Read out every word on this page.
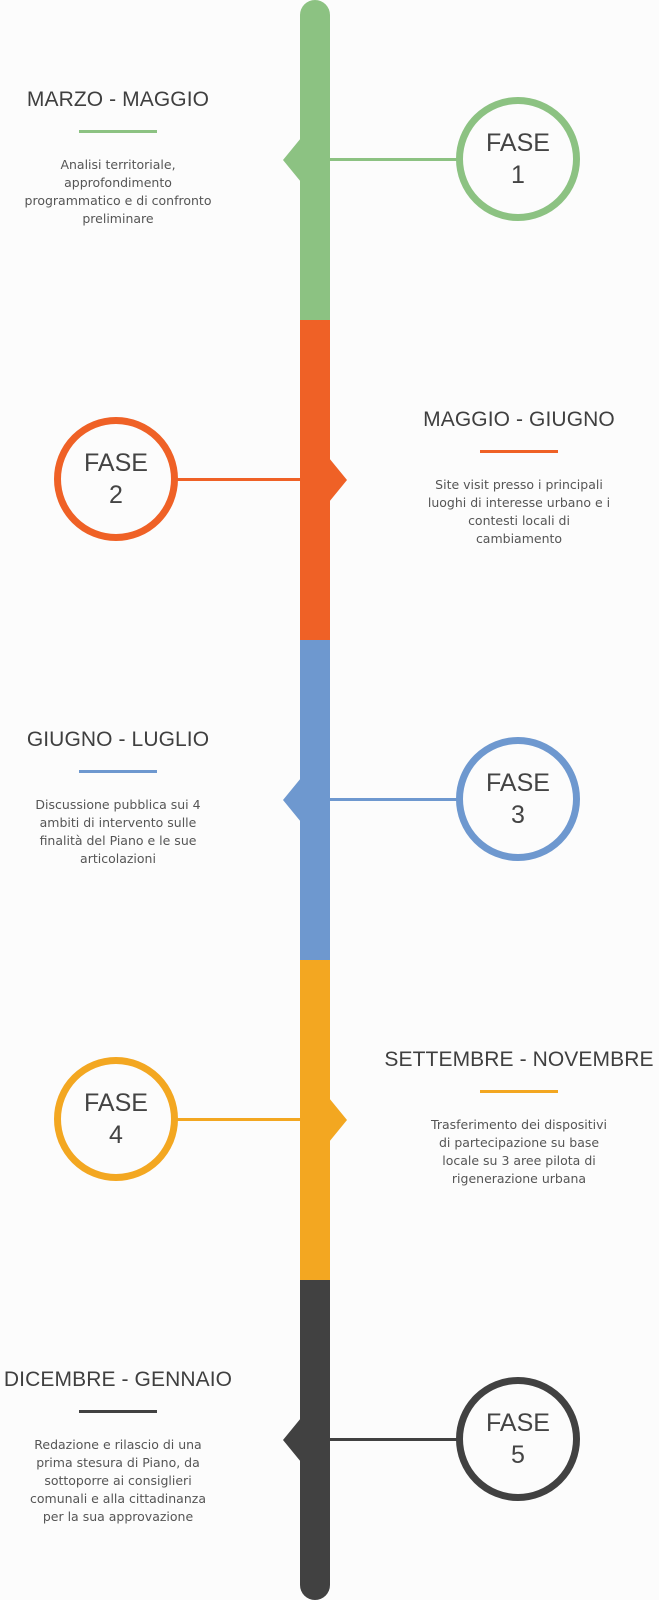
FASE
1
MARZO - MAGGIO
Analisi territoriale,
approfondimento
programmatico e di confronto
preliminare
FASE
2
MAGGIO - GIUGNO
Site visit presso i principali
luoghi di interesse urbano e i
contesti locali di
cambiamento
FASE
3
GIUGNO - LUGLIO
Discussione pubblica sui 4
ambiti di intervento sulle
finalità del Piano e le sue
articolazioni
FASE
4
SETTEMBRE - NOVEMBRE
Trasferimento dei dispositivi
di partecipazione su base
locale su 3 aree pilota di
rigenerazione urbana
FASE
5
DICEMBRE - GENNAIO
Redazione e rilascio di una
prima stesura di Piano, da
sottoporre ai consiglieri
comunali e alla cittadinanza
per la sua approvazione
